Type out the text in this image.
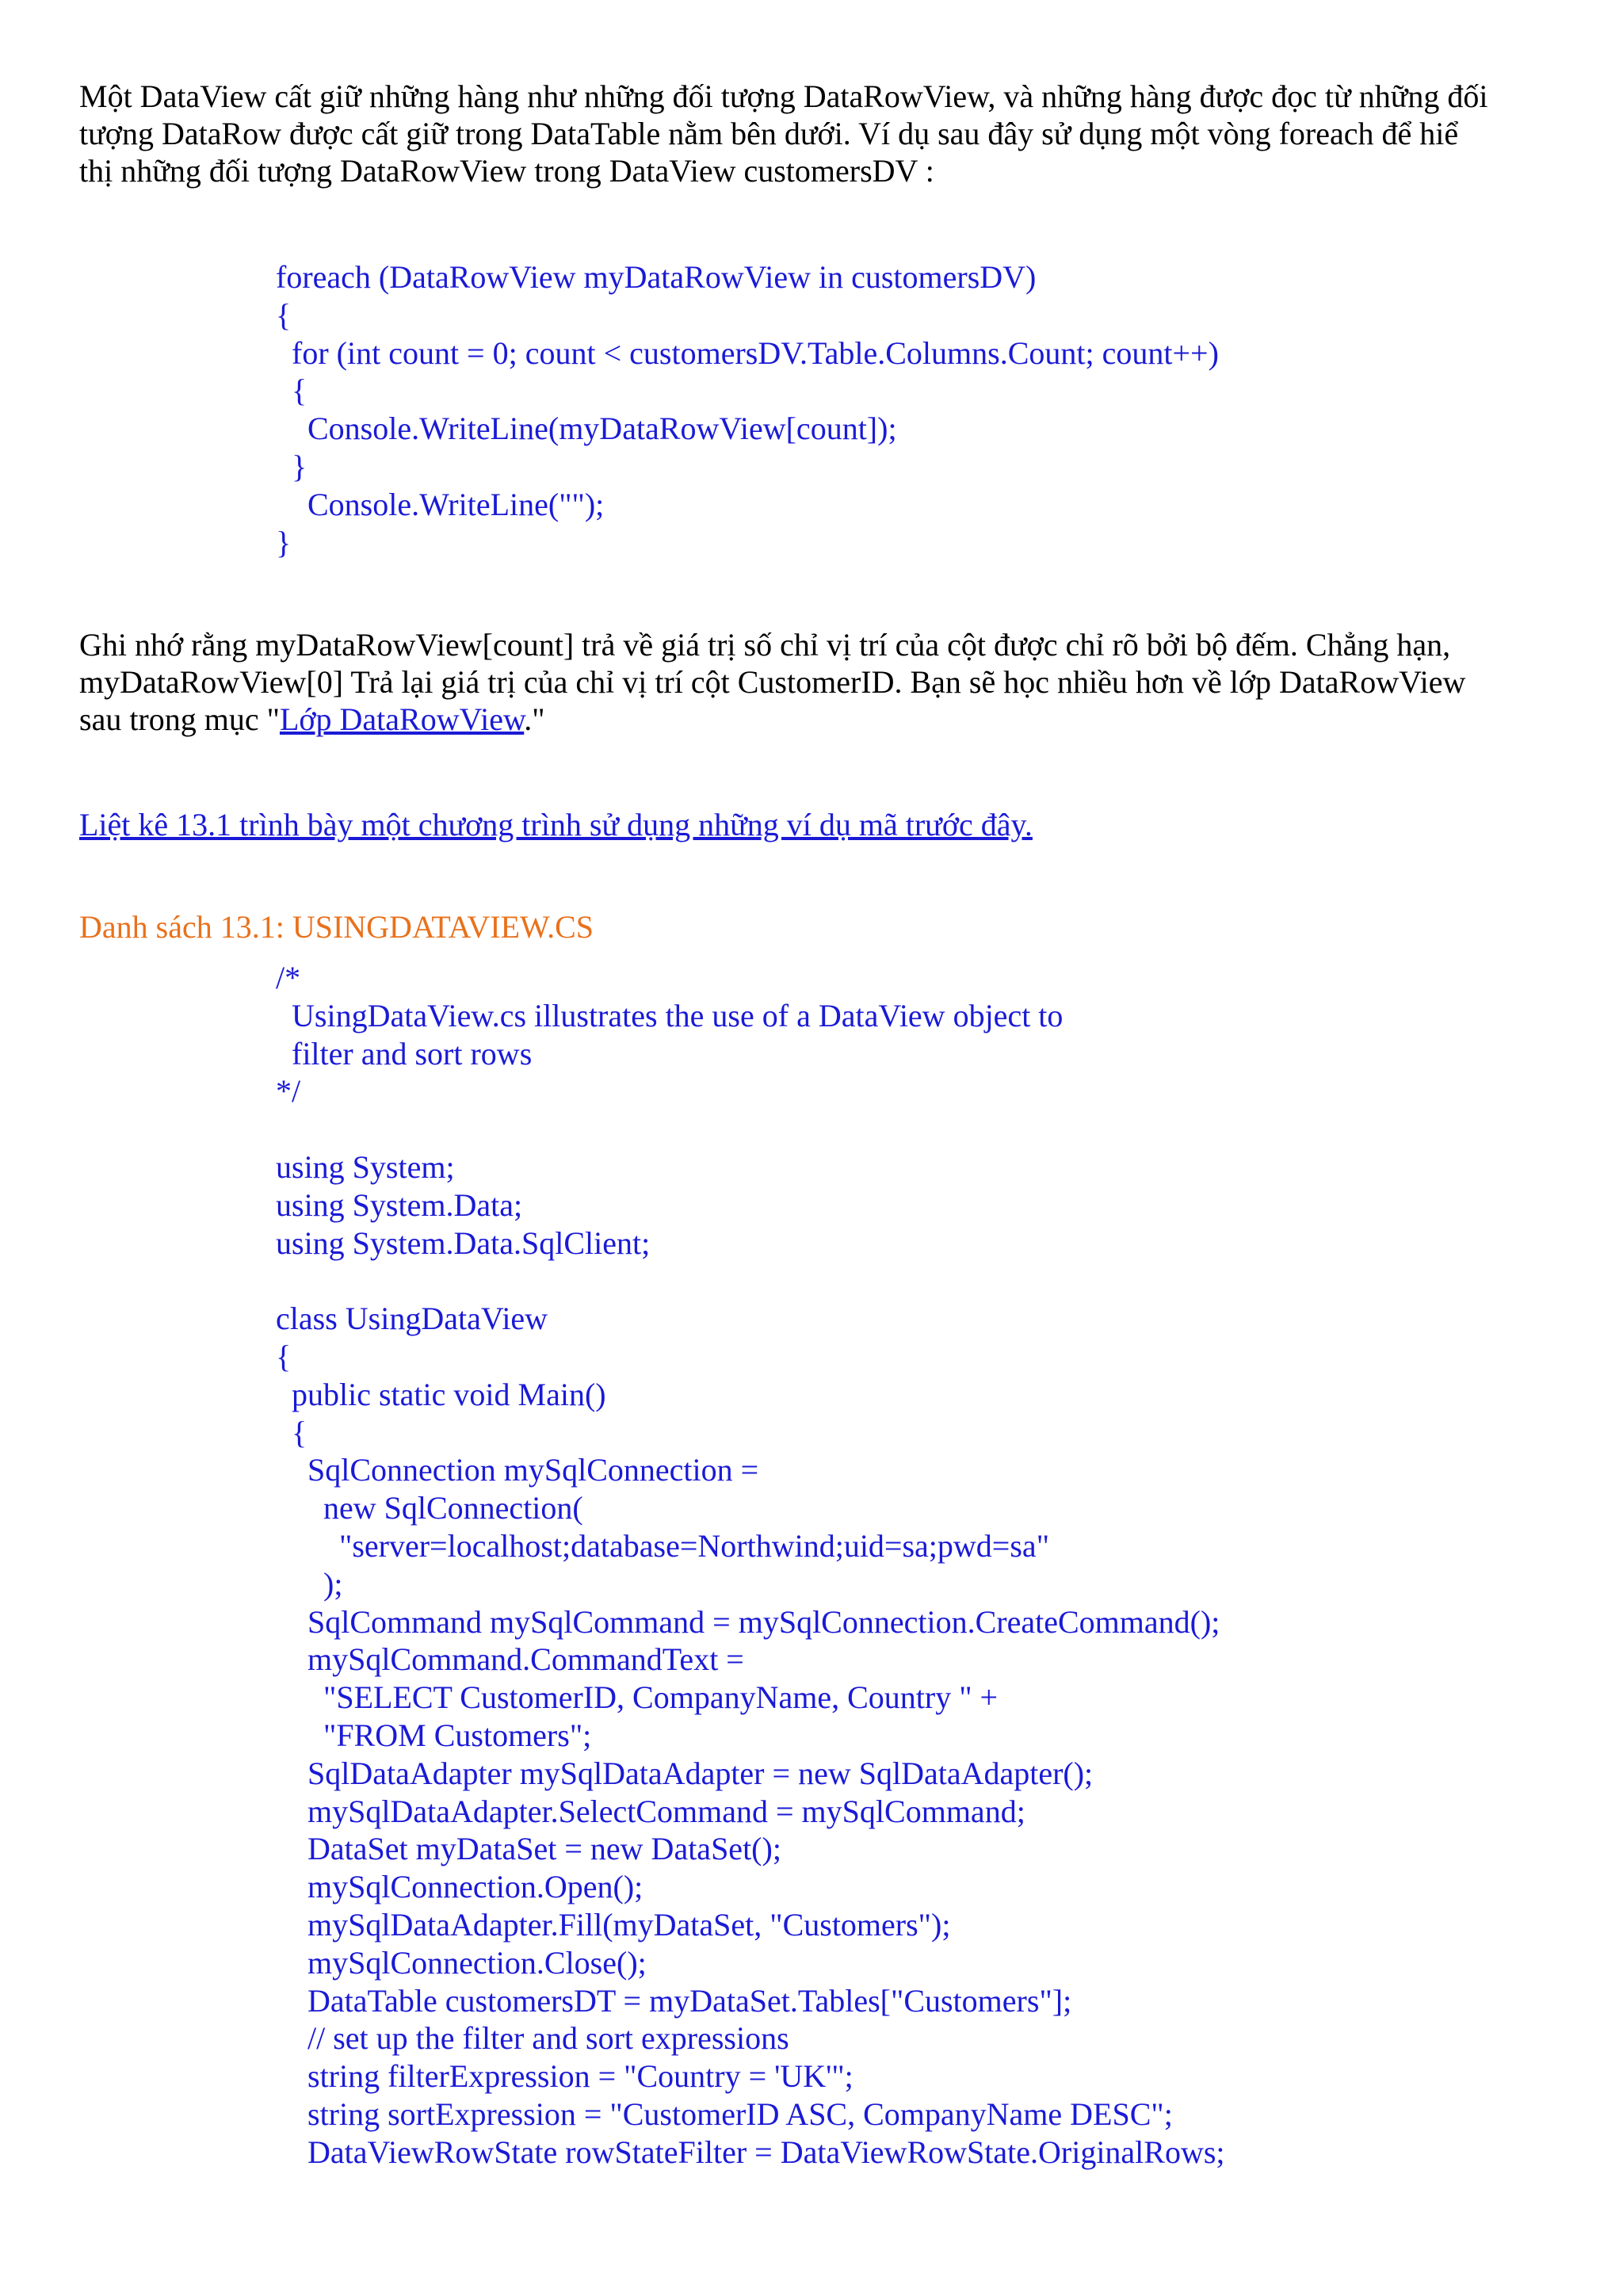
Một DataView cất giữ những hàng như những đối tượng DataRowView, và những hàng được đọc từ những đối
tượng DataRow được cất giữ trong DataTable nằm bên dưới. Ví dụ sau đây sử dụng một vòng foreach để hiể
thị những đối tượng DataRowView trong DataView customersDV :

foreach (DataRowView myDataRowView in customersDV)
{
for (int count = 0; count < customersDV.Table.Columns.Count; count++)
{
Console.WriteLine(myDataRowView[count]);
}
Console.WriteLine("");
}

Ghi nhớ rằng myDataRowView[count] trả về giá trị số chỉ vị trí của cột được chỉ rõ bởi bộ đếm. Chẳng hạn,
myDataRowView[0] Trả lại giá trị của chỉ vị trí cột CustomerID. Bạn sẽ học nhiều hơn về lớp DataRowView
sau trong mục "Lớp DataRowView."

Liệt kê 13.1 trình bày một chương trình sử dụng những ví dụ mã trước đây.

Danh sách 13.1: USINGDATAVIEW.CS

/*
UsingDataView.cs illustrates the use of a DataView object to
filter and sort rows
*/
using System;
using System.Data;
using System.Data.SqlClient;
class UsingDataView
{
public static void Main()
{
SqlConnection mySqlConnection =
new SqlConnection(
"server=localhost;database=Northwind;uid=sa;pwd=sa"
);
SqlCommand mySqlCommand = mySqlConnection.CreateCommand();
mySqlCommand.CommandText =
"SELECT CustomerID, CompanyName, Country " +
"FROM Customers";
SqlDataAdapter mySqlDataAdapter = new SqlDataAdapter();
mySqlDataAdapter.SelectCommand = mySqlCommand;
DataSet myDataSet = new DataSet();
mySqlConnection.Open();
mySqlDataAdapter.Fill(myDataSet, "Customers");
mySqlConnection.Close();
DataTable customersDT = myDataSet.Tables["Customers"];
// set up the filter and sort expressions
string filterExpression = "Country = 'UK'";
string sortExpression = "CustomerID ASC, CompanyName DESC";
DataViewRowState rowStateFilter = DataViewRowState.OriginalRows;
